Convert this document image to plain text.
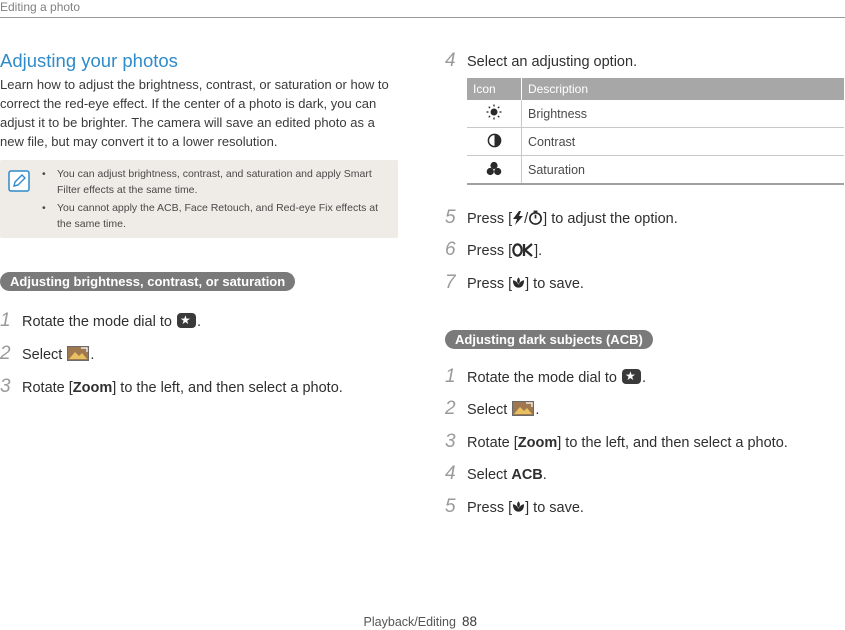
Editing a photo
Adjusting your photos

Learn how to adjust the brightness, contrast, or saturation or how to correct the red-eye effect. If the center of a photo is dark, you can adjust it to be brighter. The camera will save an edited photo as a new file, but may convert it to a lower resolution.

• You can adjust brightness, contrast, and saturation and apply Smart Filter effects at the same time.
• You cannot apply the ACB, Face Retouch, and Red-eye Fix effects at the same time.
Adjusting brightness, contrast, or saturation
1 Rotate the mode dial to ★.
2 Select .
3 Rotate [Zoom] to the left, and then select a photo.
4 Select an adjusting option.
Icon	Description
	Brightness
	Contrast
	Saturation
5 Press [ / ] to adjust the option.
6 Press [ ].
7 Press [ ] to save.
Adjusting dark subjects (ACB)
1 Rotate the mode dial to ★.
2 Select .
3 Rotate [Zoom] to the left, and then select a photo.
4 Select ACB.
5 Press [ ] to save.
Playback/Editing 88
